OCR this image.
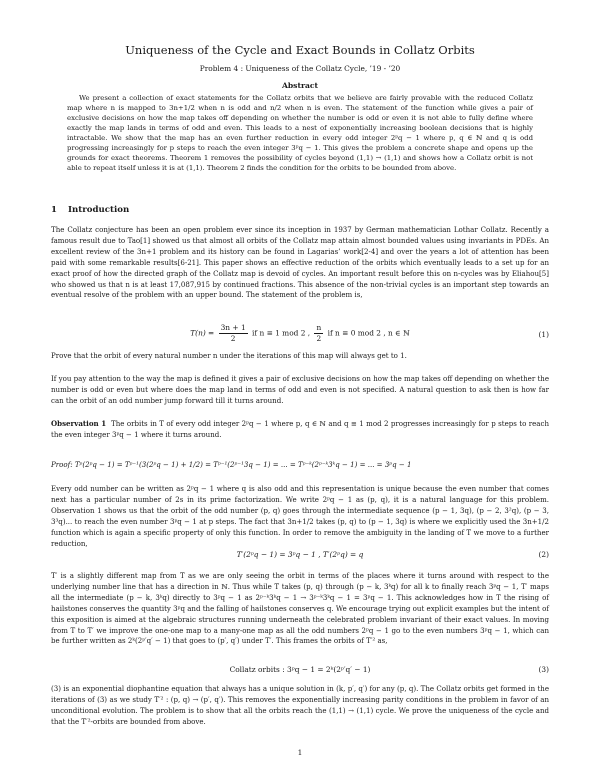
Uniqueness of the Cycle and Exact Bounds in Collatz Orbits
Problem 4 : Uniqueness of the Collatz Cycle, ’19 - ’20
Abstract

We present a collection of exact statements for the Collatz orbits that we believe are fairly provable with the reduced Collatz map where n is mapped to 3n+1/2 when n is odd and n/2 when n is even. The statement of the function while gives a pair of exclusive decisions on how the map takes off depending on whether the number is odd or even it is not able to fully define where exactly the map lands in terms of odd and even. This leads to a nest of exponentially increasing boolean decisions that is highly intractable. We show that the map has an even further reduction in every odd integer 2ᵖq − 1 where p, q ∈ ℕ and q is odd progressing increasingly for p steps to reach the even integer 3ᵖq − 1. This gives the problem a concrete shape and opens up the grounds for exact theorems. Theorem 1 removes the possibility of cycles beyond (1,1) → (1,1) and shows how a Collatz orbit is not able to repeat itself unless it is at (1,1). Theorem 2 finds the condition for the orbits to be bounded from above.

1 Introduction

The Collatz conjecture has been an open problem ever since its inception in 1937 by German mathematician Lothar Collatz. Recently a famous result due to Tao[1] showed us that almost all orbits of the Collatz map attain almost bounded values using invariants in PDEs. An excellent review of the 3n+1 problem and its history can be found in Lagarias’ work[2-4] and over the years a lot of attention has been paid with some remarkable results[6-21]. This paper shows an effective reduction of the orbits which eventually leads to a set up for an exact proof of how the directed graph of the Collatz map is devoid of cycles. An important result before this on n-cycles was by Eliahou[5] who showed us that n is at least 17,087,915 by continued fractions. This absence of the non-trivial cycles is an important step towards an eventual resolve of the problem with an upper bound. The statement of the problem is,

$T(n) = \frac{3n + 1}{2}$ if n ≡ 1 mod 2 , $\frac{n}{2}$ if n ≡ 0 mod 2 , n ∈ ℕ	(1)

Prove that the orbit of every natural number n under the iterations of this map will always get to 1.

If you pay attention to the way the map is defined it gives a pair of exclusive decisions on how the map takes off depending on whether the number is odd or even but where does the map land in terms of odd and even is not specified. A natural question to ask then is how far can the orbit of an odd number jump forward till it turns around.

Observation 1 The orbits in T of every odd integer 2ᵖq − 1 where p, q ∈ ℕ and q ≡ 1 mod 2 progresses increasingly for p steps to reach the even integer 3ᵖq − 1 where it turns around.

Proof: Tᵖ(2ᵖq − 1) = Tᵖ⁻¹(3(2ᵖq − 1) + 1/2) = Tᵖ⁻¹(2ᵖ⁻¹3q − 1) = ... = Tᵖ⁻ᵏ(2ᵖ⁻ᵏ3ᵏq − 1) = ... = 3ᵖq − 1

Every odd number can be written as 2ᵖq − 1 where q is also odd and this representation is unique because the even number that comes next has a particular number of 2s in its prime factorization. We write 2ᵖq − 1 as (p, q), it is a natural language for this problem. Observation 1 shows us that the orbit of the odd number (p, q) goes through the intermediate sequence (p − 1, 3q), (p − 2, 3²q), (p − 3, 3³q)... to reach the even number 3ᵖq − 1 at p steps. The fact that 3n+1/2 takes (p, q) to (p − 1, 3q) is where we explicitly used the 3n+1/2 function which is again a specific property of only this function. In order to remove the ambiguity in the landing of T we move to a further reduction,

T′(2ᵖq − 1) = 3ᵖq − 1 , T′(2ᵖq) = q	(2)

T′ is a slightly different map from T as we are only seeing the orbit in terms of the places where it turns around with respect to the underlying number line that has a direction in ℕ. Thus while T takes (p, q) through (p − k, 3ᵏq) for all k to finally reach 3ᵖq − 1, T′ maps all the intermediate (p − k, 3ᵏq) directly to 3ᵖq − 1 as 2ᵖ⁻ᵏ3ᵏq − 1 → 3ᵖ⁻ᵏ3ᵏq − 1 = 3ᵖq − 1. This acknowledges how in T the rising of hailstones conserves the quantity 3ᵖq and the falling of hailstones conserves q. We encourage trying out explicit examples but the intent of this exposition is aimed at the algebraic structures running underneath the celebrated problem invariant of their exact values. In moving from T to T′ we improve the one-one map to a many-one map as all the odd numbers 2ᵖq − 1 go to the even numbers 3ᵖq − 1, which can be further written as 2ᵏ(2ᵖ′q′ − 1) that goes to (p′, q′) under T′. This frames the orbits of T′² as,

Collatz orbits : 3ᵖq − 1 = 2ᵏ(2ᵖ′q′ − 1)	(3)

(3) is an exponential diophantine equation that always has a unique solution in (k, p′, q′) for any (p, q). The Collatz orbits get formed in the iterations of (3) as we study T′² : (p, q) → (p′, q′). This removes the exponentially increasing parity conditions in the problem in favor of an unconditional evolution. The problem is to show that all the orbits reach the (1,1) → (1,1) cycle. We prove the uniqueness of the cycle and that the T′²-orbits are bounded from above.

1
